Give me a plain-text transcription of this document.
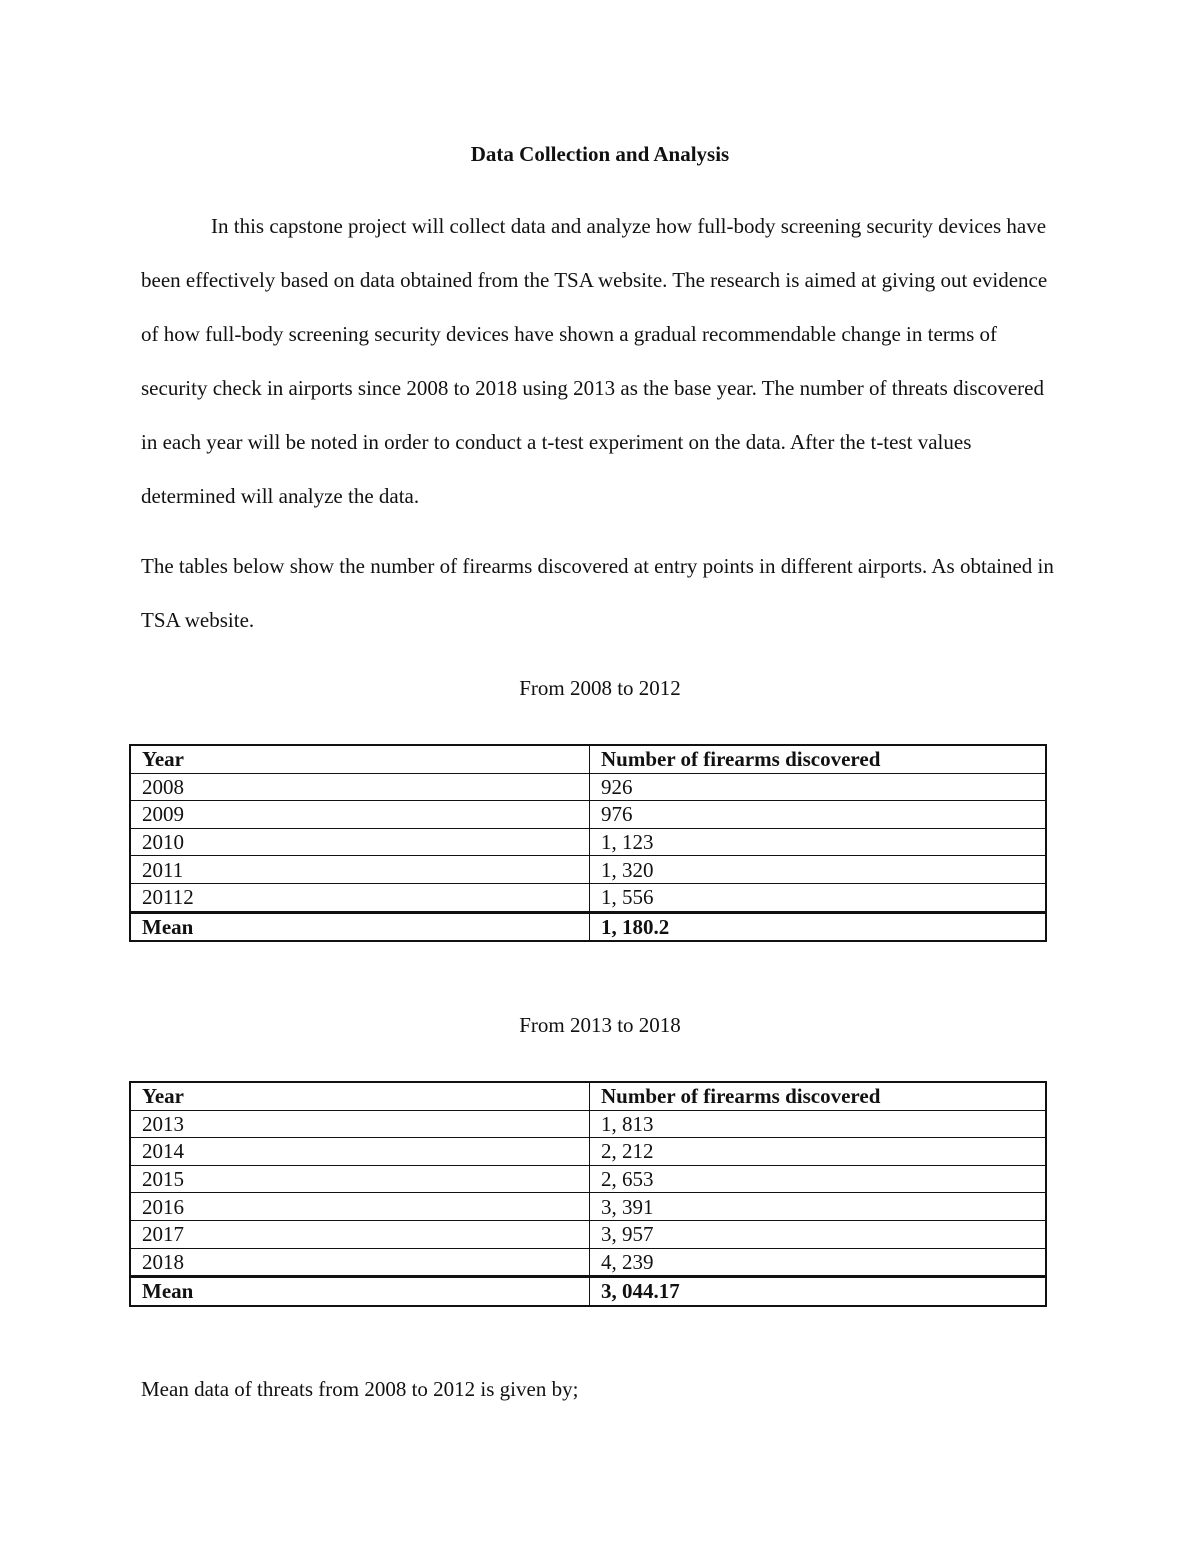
Data Collection and Analysis

In this capstone project will collect data and analyze how full-body screening security devices have been effectively based on data obtained from the TSA website. The research is aimed at giving out evidence of how full-body screening security devices have shown a gradual recommendable change in terms of security check in airports since 2008 to 2018 using 2013 as the base year. The number of threats discovered in each year will be noted in order to conduct a t-test experiment on the data. After the t-test values determined will analyze the data.

The tables below show the number of firearms discovered at entry points in different airports. As obtained in TSA website.

From 2008 to 2012
Year	Number of firearms discovered
2008	926
2009	976
2010	1, 123
2011	1, 320
20112	1, 556
Mean	1, 180.2
From 2013 to 2018
Year	Number of firearms discovered
2013	1, 813
2014	2, 212
2015	2, 653
2016	3, 391
2017	3, 957
2018	4, 239
Mean	3, 044.17
Mean data of threats from 2008 to 2012 is given by;
